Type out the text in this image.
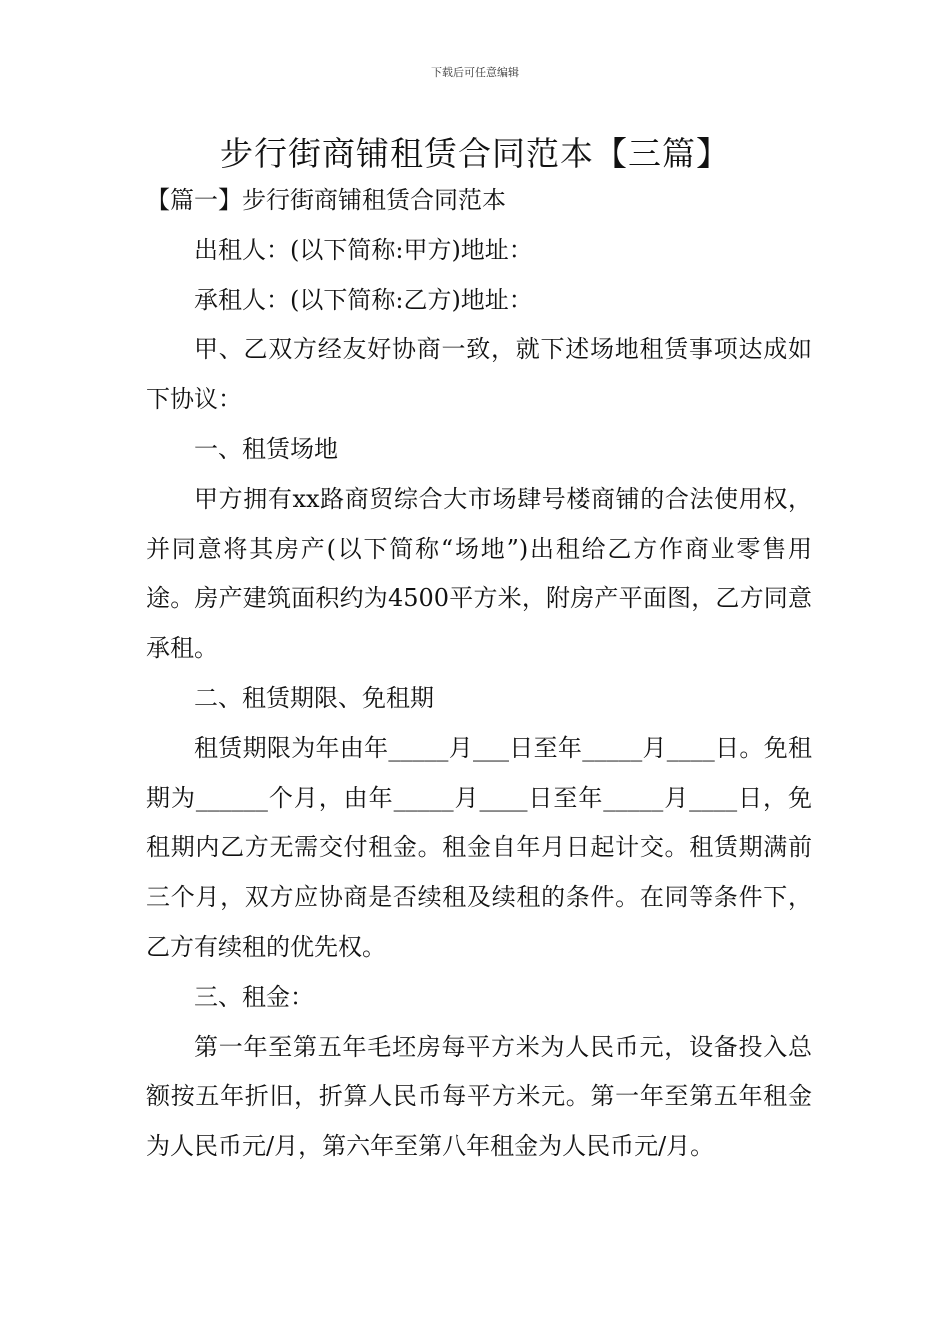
下载后可任意编辑
步行街商铺租赁合同范本【三篇】

【篇一】步行街商铺租赁合同范本

出租人：(以下简称:甲方)地址：

承租人：(以下简称:乙方)地址：

甲、乙双方经友好协商一致，就下述场地租赁事项达成如下协议：

一、租赁场地

甲方拥有xx路商贸综合大市场肆号楼商铺的合法使用权，并同意将其房产(以下简称“场地”)出租给乙方作商业零售用途。房产建筑面积约为4500平方米，附房产平面图，乙方同意承租。

二、租赁期限、免租期

租赁期限为年由年_____月___日至年_____月____日。免租期为______个月，由年_____月____日至年_____月____日，免租期内乙方无需交付租金。租金自年月日起计交。租赁期满前三个月，双方应协商是否续租及续租的条件。在同等条件下，乙方有续租的优先权。

三、租金：

第一年至第五年毛坯房每平方米为人民币元，设备投入总额按五年折旧，折算人民币每平方米元。第一年至第五年租金为人民币元/月，第六年至第八年租金为人民币元/月。
